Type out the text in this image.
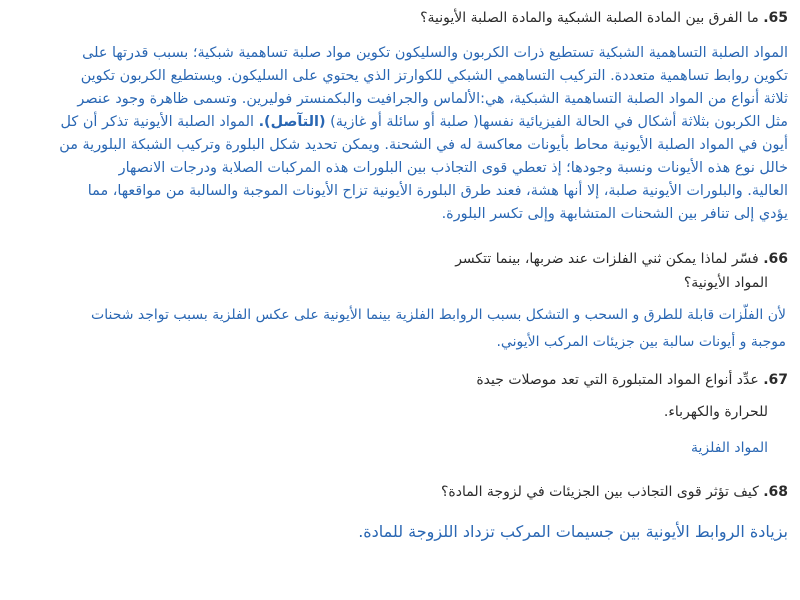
65. ما الفرق بين المادة الصلبة الشبكية والمادة الصلبة الأيونية؟
المواد الصلبة التساهمية الشبكية تستطيع ذرات الكربون والسليكون تكوين مواد صلبة تساهمية شبكية؛ بسبب قدرتها على
تكوين روابط تساهمية متعددة. التركيب التساهمي الشبكي للكوارتز الذي يحتوي على السليكون. ويستطيع الكربون تكوين
ثلاثة أنواع من المواد الصلبة التساهمية الشبكية، هي:الألماس والجرافيت والبكمنستر فوليرين. وتسمى ظاهرة وجود عنصر
مثل الكربون بثلاثة أشكال في الحالة الفيزيائية نفسها( صلبة أو سائلة أو غازية) (التآصل). المواد الصلبة الأيونية تذكر أن كل
أيون في المواد الصلبة الأيونية محاط بأيونات معاكسة له في الشحنة. ويمكن تحديد شكل البلورة وتركيب الشبكة البلورية من
خالل نوع هذه الأيونات ونسبة وجودها؛ إذ تعطي قوى التجاذب بين البلورات هذه المركبات الصلابة ودرجات الانصهار
العالية. والبلورات الأيونية صلبة، إلا أنها هشة، فعند طرق البلورة الأيونية تزاح الأيونات الموجبة والسالبة من مواقعها، مما
يؤدي إلى تنافر بين الشحنات المتشابهة وإلى تكسر البلورة.
66. فسّر لماذا يمكن ثني الفلزات عند ضربها، بينما تتكسر
المواد الأيونية؟
لأن الفلّزات قابلة للطرق و السحب و التشكل بسبب الروابط الفلزية بينما الأيونية على عكس الفلزية بسبب تواجد شحنات
موجبة و أيونات سالبة بين جزيئات المركب الأيوني.
67. عدِّد أنواع المواد المتبلورة التي تعد موصلات جيدة
للحرارة والكهرباء.
المواد الفلزية
68. كيف تؤثر قوى التجاذب بين الجزيئات في لزوجة المادة؟
بزيادة الروابط الأيونية بين جسيمات المركب تزداد اللزوجة للمادة.
